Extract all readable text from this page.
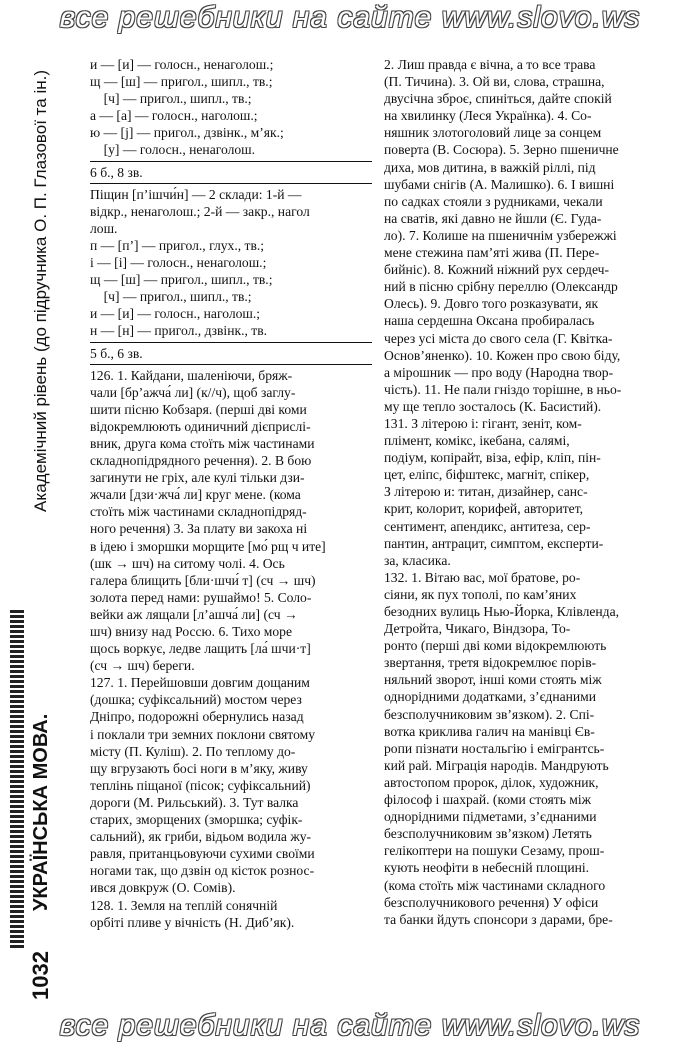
все решебники на сайте www.slovo.ws
1032
УКРАЇНСЬКА МОВА.
Академічний рівень (до підручника О. П. Глазової та ін.)
и — [и] — голосн., ненаголош.;
щ — [ш] — пригол., шипл., тв.;
[ч] — пригол., шипл., тв.;
а — [а] — голосн., наголош.;
ю — [ј] — пригол., дзвінк., м’як.;
[у] — голосн., ненаголош.
6 б., 8 зв.
Піщин [п’ішчи́н] — 2 склади: 1-й —
відкр., ненаголош.; 2-й — закр., нагол
лош.
п — [п’] — пригол., глух., тв.;
і — [і] — голосн., ненаголош.;
щ — [ш] — пригол., шипл., тв.;
[ч] — пригол., шипл., тв.;
и — [и] — голосн., наголош.;
н — [н] — пригол., дзвінк., тв.
5 б., 6 зв.
126. 1. Кайдани, шаленіючи, бряж-
чали [бр’ажча́ ли] (к//ч), щоб заглу-
шити пісню Кобзаря. (перші дві коми
відокремлюють одиничний дієприслі-
вник, друга кома стоїть між частинами
складнопідрядного речення). 2. В бою
загинути не гріх, але кулі тільки дзи-
жчали [дзи·жча́ ли] круг мене. (кома
стоїть між частинами складнопідряд-
ного речення) 3. За плату ви закоха ні
в ідею і зморшки морщите [мо́ рщ ч ите]
(шк → шч) на ситому чолі. 4. Ось
галера блищить [бли·шчи́ т] (сч → шч)
золота перед нами: рушаймо! 5. Соло-
вейки аж лящали [л’ашча́ ли] (сч →
шч) внизу над Россю. 6. Тихо море
щось воркує, ледве лащить [ла́ шчи·т]
(сч → шч) береги.
127. 1. Перейшовши довгим дощаним
(дошка; суфіксальний) мостом через
Дніпро, подорожні обернулись назад
і поклали три земних поклони святому
місту (П. Куліш). 2. По теплому до-
щу вгрузають босі ноги в м’яку, живу
теплінь піщаної (пісок; суфіксальний)
дороги (М. Рильський). 3. Тут валка
старих, зморщених (зморшка; суфік-
сальний), як гриби, відьом водила жу-
равля, пританцьовуючи сухими своїми
ногами так, що дзвін од кісток рознос-
ився довкруж (О. Сомів).
128. 1. Земля на теплій сонячній
орбіті пливе у вічність (Н. Диб’як).
2. Лиш правда є вічна, а то все трава
(П. Тичина). 3. Ой ви, слова, страшна,
двусічна зброє, спиніться, дайте спокій
на хвилинку (Леся Українка). 4. Со-
няшник злотоголовий лице за сонцем
поверта (В. Сосюра). 5. Зерно пшеничне
диха, мов дитина, в важкій ріллі, під
шубами снігів (А. Малишко). 6. І вишні
по садках стояли з рудниками, чекали
на сватів, які давно не йшли (Є. Гуда-
ло). 7. Колише на пшеничнім узбережжі
мене стежина пам’яті жива (П. Пере-
бийніс). 8. Кожний ніжний рух сердеч-
ний в пісню срібну переллю (Олександр
Олесь). 9. Довго того розказувати, як
наша сердешна Оксана пробиралась
через усі міста до свого села (Г. Квітка-
Основ’яненко). 10. Кожен про свою біду,
а мірошник — про воду (Народна твор-
чість). 11. Не пали гніздо торішне, в ньо-
му ще тепло зосталось (К. Басистий).
131. З літерою і: гігант, зеніт, ком-
плімент, комікс, ікебана, салямі,
подіум, копірайт, віза, ефір, кліп, пін-
цет, еліпс, біфштекс, магніт, спікер,
З літерою и: титан, дизайнер, санс-
крит, колорит, корифей, авторитет,
сентимент, апендикс, антитеза, сер-
пантин, антрацит, симптом, експерти-
за, класика.
132. 1. Вітаю вас, мої братове, ро-
сіяни, як пух тополі, по кам’яних
безодних вулиць Нью-Йорка, Клівленда,
Детройта, Чикаго, Віндзора, То-
ронто (перші дві коми відокремлюють
звертання, третя відокремлює порів-
няльний зворот, інші коми стоять між
однорідними додатками, з’єднаними
безсполучниковим зв’язком). 2. Спі-
вотка криклива галич на манівці Єв-
ропи пізнати ностальгію і емігрантсь-
кий рай. Міграція народів. Мандрують
автостопом пророк, ділок, художник,
філософ і шахрай. (коми стоять між
однорідними підметами, з’єднаними
безсполучниковим зв’язком) Летять
гелікоптери на пошуки Сезаму, прош-
кують неофіти в небесній площині.
(кома стоїть між частинами складного
безсполучникового речення) У офіси
та банки йдуть спонсори з дарами, бре-
все решебники на сайте www.slovo.ws
